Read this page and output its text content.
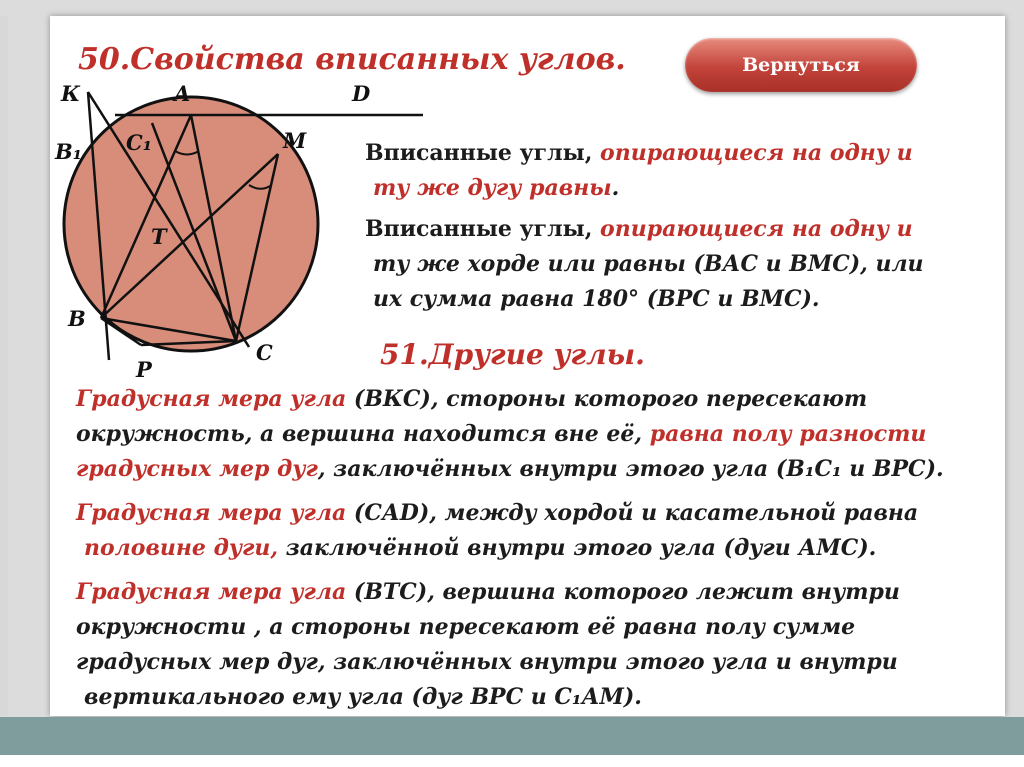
50.Свойства вписанных углов.	Вернуться
К	A	D
B₁ C₁	M
T
B
C
P
Вписанные углы, опирающиеся на одну и
ту же дугу равны.
Вписанные углы, опирающиеся на одну и
ту же хорде или равны (ВАС и ВМС), или
их сумма равна 180° (ВРС и ВМС).
51.Другие углы.
Градусная мера угла (ВКС), стороны которого пересекают
окружность, а вершина находится вне её, равна полу разности
градусных мер дуг, заключённых внутри этого угла (В₁С₁ и ВРС).
Градусная мера угла (САD), между хордой и касательной равна
половине дуги, заключённой внутри этого угла (дуги АМС).
Градусная мера угла (ВТС), вершина которого лежит внутри
окружности , а стороны пересекают её равна полу сумме
градусных мер дуг, заключённых внутри этого угла и внутри
вертикального ему угла (дуг ВРС и С₁АМ).
